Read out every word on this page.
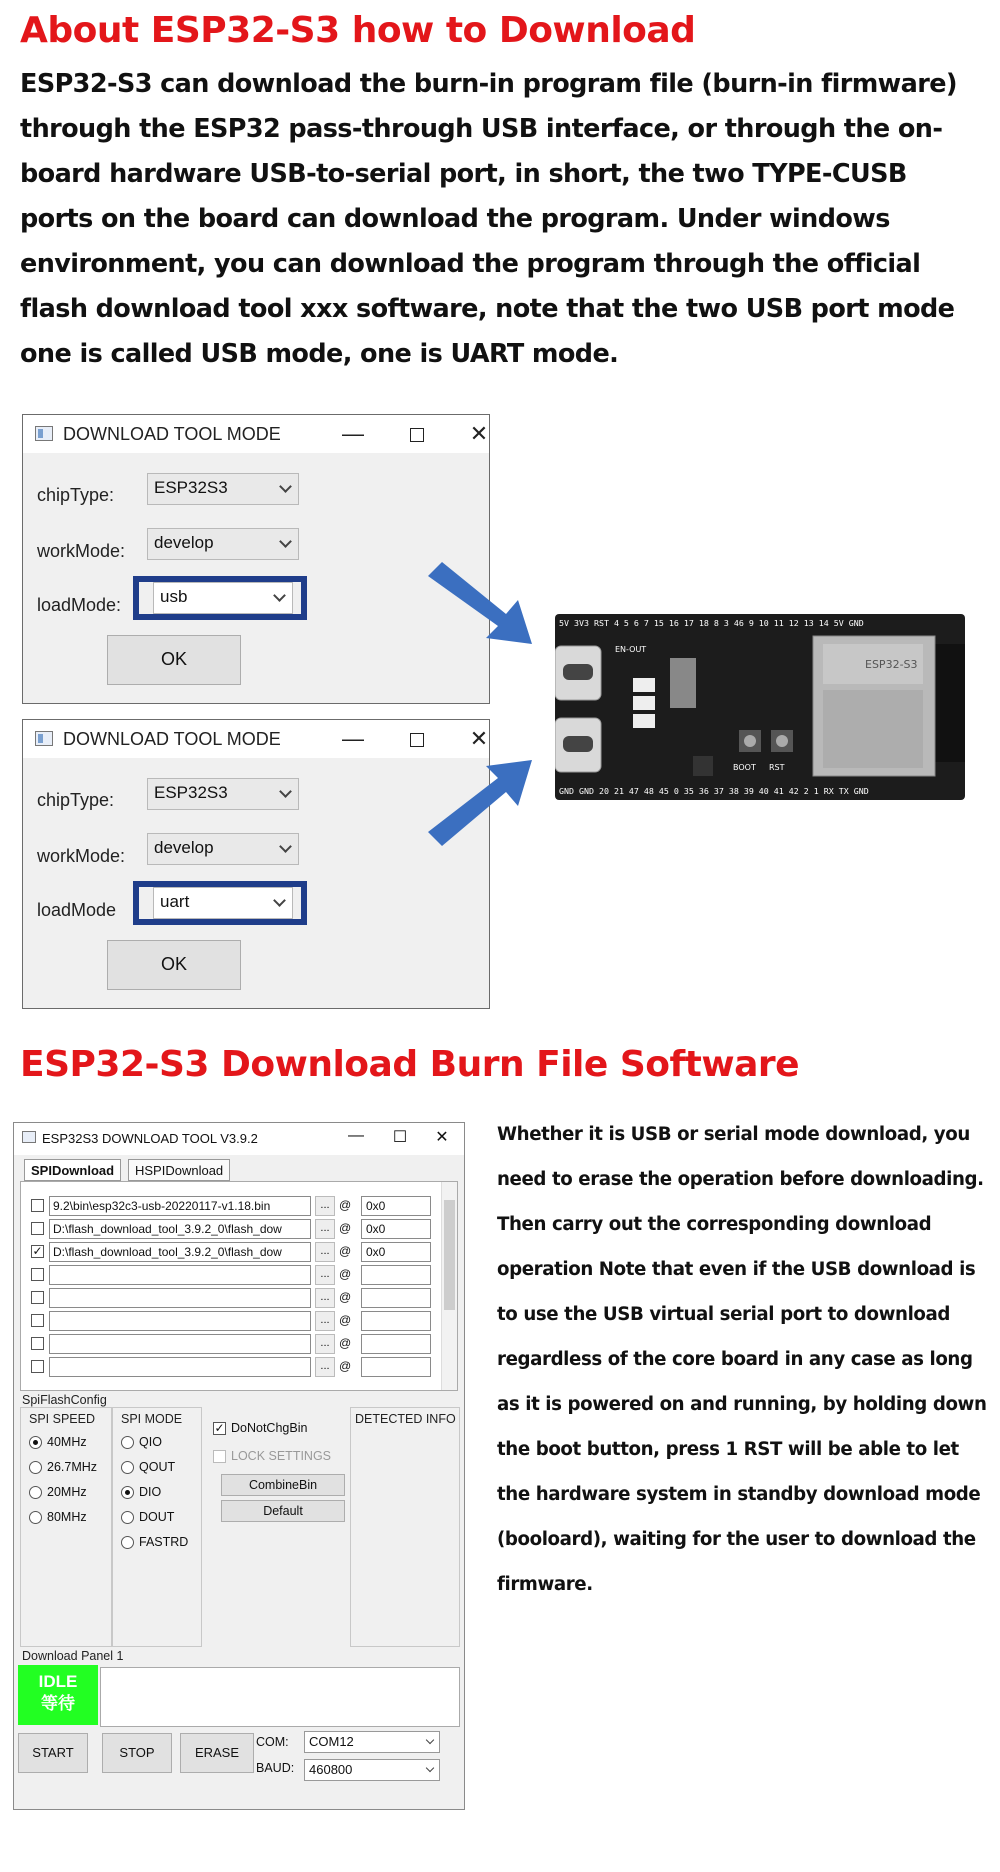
About ESP32-S3 how to Download
ESP32-S3 can download the burn-in program file (burn-in firmware) through the ESP32 pass-through USB interface, or through the on-board hardware USB-to-serial port, in short, the two TYPE-CUSB ports on the board can download the program. Under windows environment, you can download the program through the official flash download tool xxx software, note that the two USB port mode one is called USB mode, one is UART mode.
DOWNLOAD TOOL MODE	—	✕
chipType:	ESP32S3
workMode:	develop
loadMode:	usb
OK
DOWNLOAD TOOL MODE	—	✕
chipType:	ESP32S3
workMode:	develop
loadMode	uart
OK
ESP32-S3
EN-OUT
5V 3V3 RST 4 5 6 7 15 16 17 18 8 3 46 9 10 11 12 13 14 5V GND
GND GND 20 21 47 48 45 0 35 36 37 38 39 40 41 42 2 1 RX TX GND
BOOT RST
ESP32-S3 Download Burn File Software
ESP32S3 DOWNLOAD TOOL V3.9.2	—	☐	✕
SPIDownload	HSPIDownload
9.2\bin\esp32c3-usb-20220117-v1.18.bin	... @	0x0
D:\flash_download_tool_3.9.2_0\flash_dow	... @	0x0
✓ D:\flash_download_tool_3.9.2_0\flash_dow	... @	0x0
... @
... @
... @
... @
... @
SpiFlashConfig
SPI SPEED
40MHz
26.7MHz
20MHz
80MHz
SPI MODE
QIO
QOUT
DIO
DOUT
FASTRD
✓ DoNotChgBin
LOCK SETTINGS
CombineBin
Default
DETECTED INFO
Download Panel 1
IDLE
等待
START	STOP	ERASE
COM:	COM12
BAUD:	460800
Whether it is USB or serial mode download, you need to erase the operation before downloading. Then carry out the corresponding download operation Note that even if the USB download is to use the USB virtual serial port to download regardless of the core board in any case as long as it is powered on and running, by holding down the boot button, press 1 RST will be able to let the hardware system in standby download mode (booloard), waiting for the user to download the firmware.
